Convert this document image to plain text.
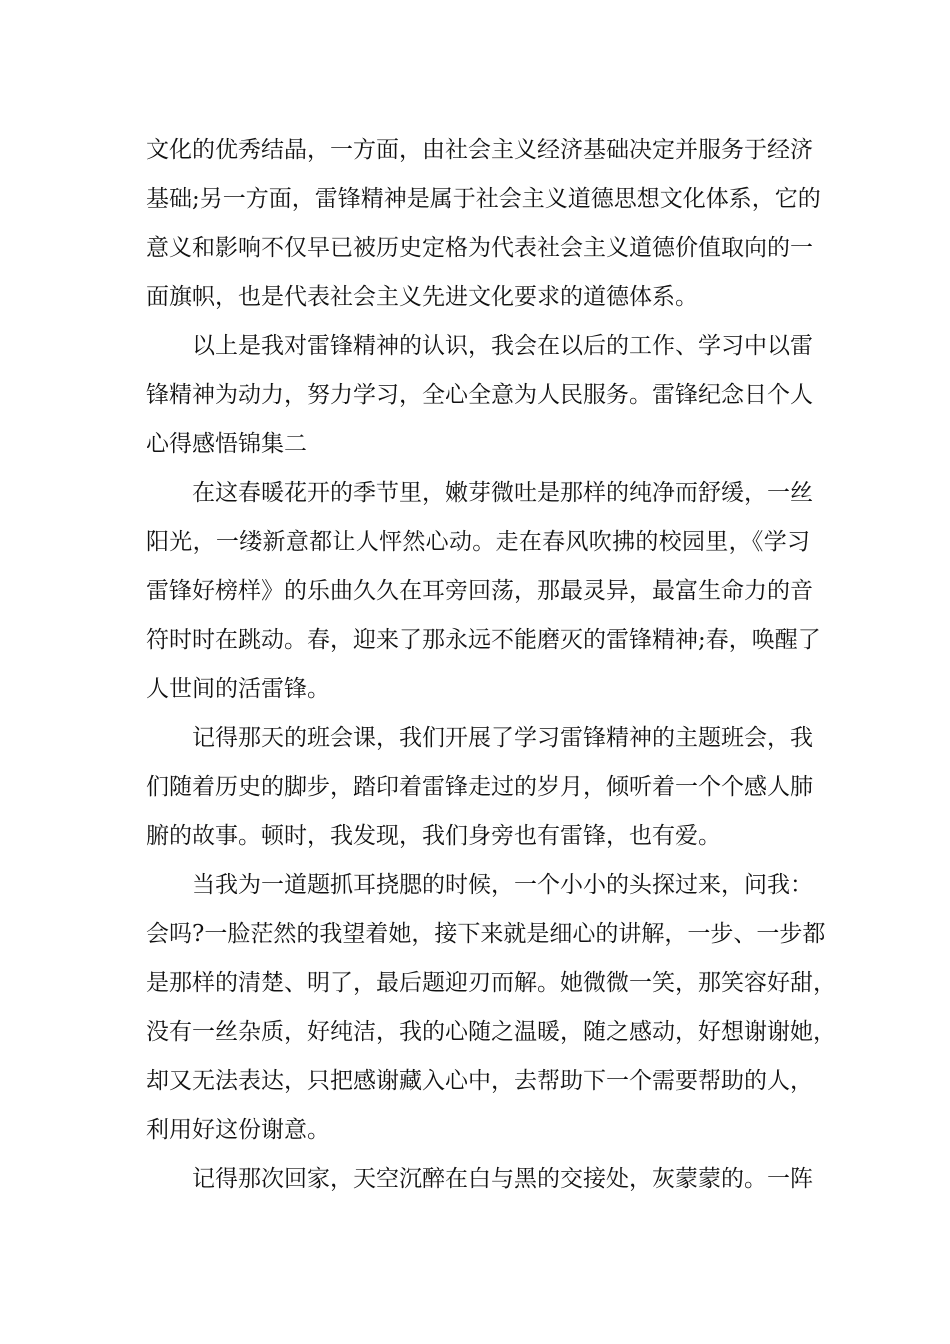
文化的优秀结晶，一方面，由社会主义经济基础决定并服务于经济
基础;另一方面，雷锋精神是属于社会主义道德思想文化体系，它的
意义和影响不仅早已被历史定格为代表社会主义道德价值取向的一
面旗帜，也是代表社会主义先进文化要求的道德体系。
以上是我对雷锋精神的认识，我会在以后的工作、学习中以雷
锋精神为动力，努力学习，全心全意为人民服务。雷锋纪念日个人
心得感悟锦集二
在这春暖花开的季节里，嫩芽微吐是那样的纯净而舒缓，一丝
阳光，一缕新意都让人怦然心动。走在春风吹拂的校园里，《学习
雷锋好榜样》的乐曲久久在耳旁回荡，那最灵异，最富生命力的音
符时时在跳动。春，迎来了那永远不能磨灭的雷锋精神;春，唤醒了
人世间的活雷锋。
记得那天的班会课，我们开展了学习雷锋精神的主题班会，我
们随着历史的脚步，踏印着雷锋走过的岁月，倾听着一个个感人肺
腑的故事。顿时，我发现，我们身旁也有雷锋，也有爱。
当我为一道题抓耳挠腮的时候，一个小小的头探过来，问我：
会吗?一脸茫然的我望着她，接下来就是细心的讲解，一步、一步都
是那样的清楚、明了，最后题迎刃而解。她微微一笑，那笑容好甜，
没有一丝杂质，好纯洁，我的心随之温暖，随之感动，好想谢谢她，
却又无法表达，只把感谢藏入心中，去帮助下一个需要帮助的人，
利用好这份谢意。
记得那次回家，天空沉醉在白与黑的交接处，灰蒙蒙的。一阵
